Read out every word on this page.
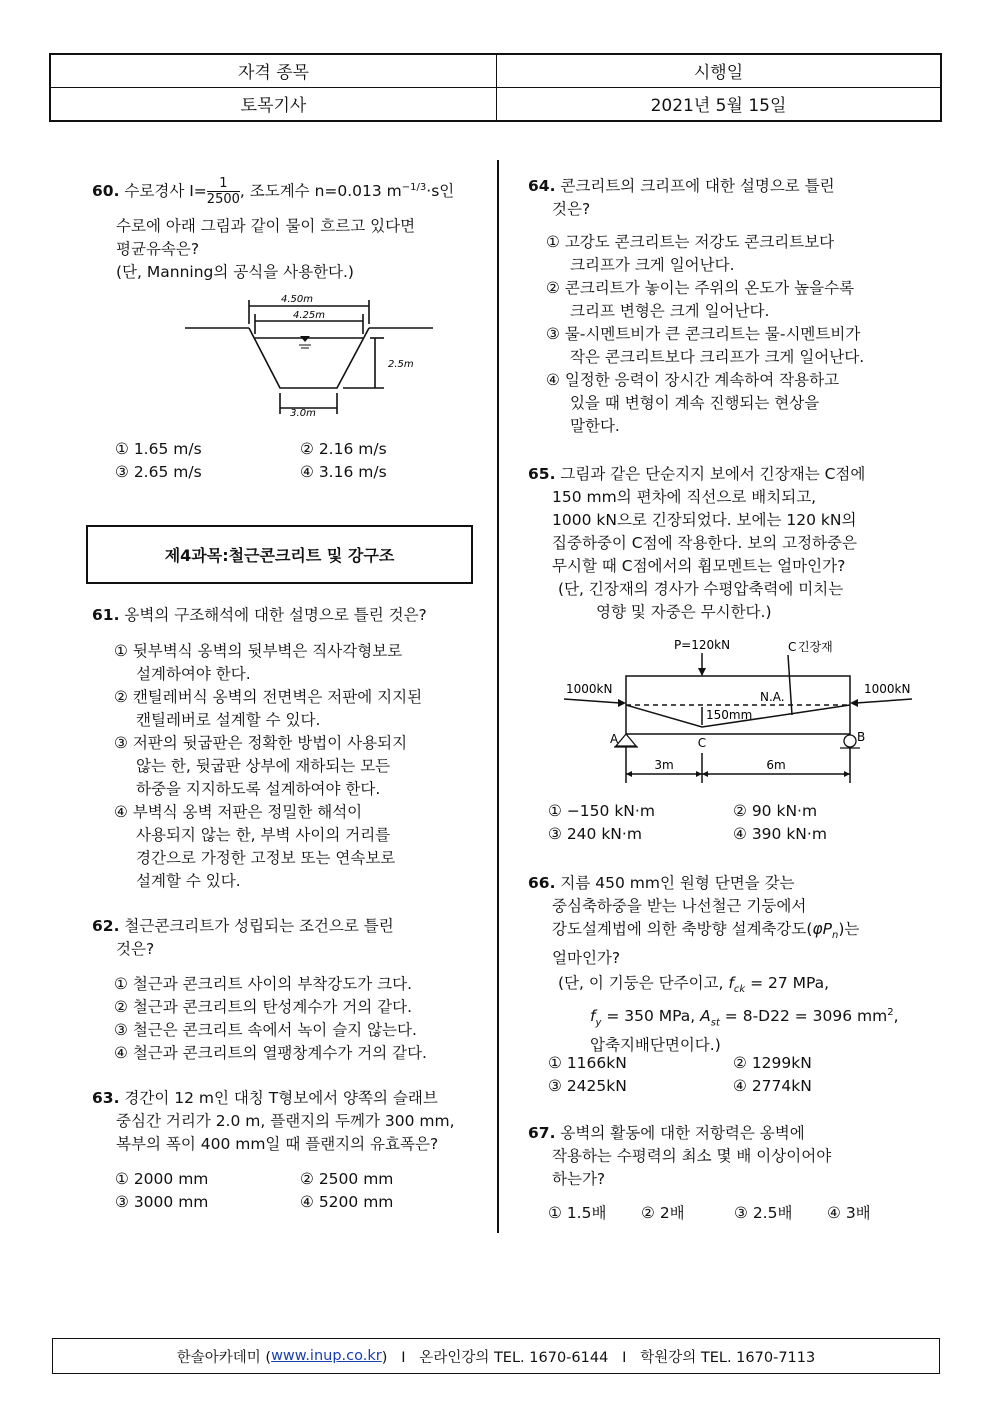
자격 종목	시행일
토목기사	2021년 5월 15일
60. 수로경사 $I= \frac{1}{2500}$ , 조도계수 n=0.013 $m^{-1/3}\cdot s$인
수로에 아래 그림과 같이 물이 흐르고 있다면
평균유속은?
(단, Manning의 공식을 사용한다.)
4.50m
4.25m
2.5m
3.0m
① 1.65 m/s	② 2.16 m/s
③ 2.65 m/s	④ 3.16 m/s
제4과목:철근콘크리트 및 강구조
61. 옹벽의 구조해석에 대한 설명으로 틀린 것은?
① 뒷부벽식 옹벽의 뒷부벽은 직사각형보로
설계하여야 한다.
② 캔틸레버식 옹벽의 전면벽은 저판에 지지된
캔틸레버로 설계할 수 있다.
③ 저판의 뒷굽판은 정확한 방법이 사용되지
않는 한, 뒷굽판 상부에 재하되는 모든
하중을 지지하도록 설계하여야 한다.
④ 부벽식 옹벽 저판은 정밀한 해석이
사용되지 않는 한, 부벽 사이의 거리를
경간으로 가정한 고정보 또는 연속보로
설계할 수 있다.
62. 철근콘크리트가 성립되는 조건으로 틀린
것은?
① 철근과 콘크리트 사이의 부착강도가 크다.
② 철근과 콘크리트의 탄성계수가 거의 같다.
③ 철근은 콘크리트 속에서 녹이 슬지 않는다.
④ 철근과 콘크리트의 열팽창계수가 거의 같다.
63. 경간이 12 m인 대칭 T형보에서 양쪽의 슬래브
중심간 거리가 2.0 m, 플랜지의 두께가 300 mm,
복부의 폭이 400 mm일 때 플랜지의 유효폭은?
① 2000 mm	② 2500 mm
③ 3000 mm	④ 5200 mm
64. 콘크리트의 크리프에 대한 설명으로 틀린
것은?
① 고강도 콘크리트는 저강도 콘크리트보다
크리프가 크게 일어난다.
② 콘크리트가 놓이는 주위의 온도가 높을수록
크리프 변형은 크게 일어난다.
③ 물-시멘트비가 큰 콘크리트는 물-시멘트비가
작은 콘크리트보다 크리프가 크게 일어난다.
④ 일정한 응력이 장시간 계속하여 작용하고
있을 때 변형이 계속 진행되는 현상을
말한다.
65. 그림과 같은 단순지지 보에서 긴장재는 C점에
150 mm의 편차에 직선으로 배치되고,
1000 kN으로 긴장되었다. 보에는 120 kN의
집중하중이 C점에 작용한다. 보의 고정하중은
무시할 때 C점에서의 휨모멘트는 얼마인가?
(단, 긴장재의 경사가 수평압축력에 미치는
영향 및 자중은 무시한다.)
P=120kN	C 긴장재
1000kN	1000kN
N.A.
150mm
A	B
C
3m	6m
① −150 kN·m	② 90 kN·m
③ 240 kN·m	④ 390 kN·m
66. 지름 450 mm인 원형 단면을 갖는
중심축하중을 받는 나선철근 기둥에서
강도설계법에 의한 축방향 설계축강도$(\varphi P_n)$는
얼마인가?
(단, 이 기둥은 단주이고, $f_{ck} = 27$ MPa,
$f_y = 350$ MPa, $A_{st} = 8-D22 = 3096$ $mm^2$,
압축지배단면이다.)
① 1166kN	② 1299kN
③ 2425kN	④ 2774kN
67. 옹벽의 활동에 대한 저항력은 옹벽에
작용하는 수평력의 최소 몇 배 이상이어야
하는가?
① 1.5배	② 2배	③ 2.5배	④ 3배
한솔아카데미 ( www.inup.co.kr )   I   온라인강의 TEL. 1670-6144   I   학원강의 TEL. 1670-7113
